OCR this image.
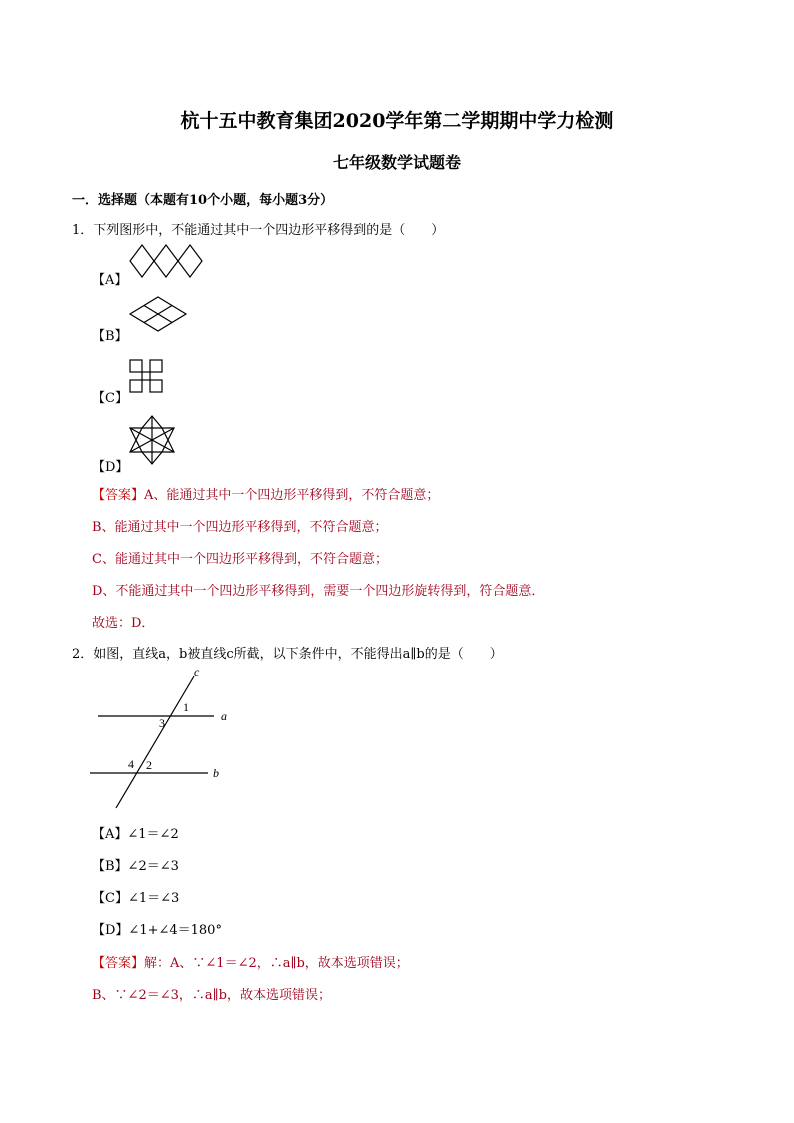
杭十五中教育集团2020学年第二学期期中学力检测
七年级数学试题卷
一．选择题（本题有10个小题，每小题3分）
1．下列图形中，不能通过其中一个四边形平移得到的是（　　）
【A】
【B】
【C】
【D】
【答案】A、能通过其中一个四边形平移得到，不符合题意；
B、能通过其中一个四边形平移得到，不符合题意；
C、能通过其中一个四边形平移得到，不符合题意；
D、不能通过其中一个四边形平移得到，需要一个四边形旋转得到，符合题意．
故选：D．
2．如图，直线a，b被直线c所截，以下条件中，不能得出a∥b的是（　　）
c
a
b
1
3
2
4
【A】∠1＝∠2
【B】∠2＝∠3
【C】∠1＝∠3
【D】∠1+∠4＝180°
【答案】解：A、∵∠1＝∠2，∴a∥b，故本选项错误；
B、∵∠2＝∠3，∴a∥b，故本选项错误；
